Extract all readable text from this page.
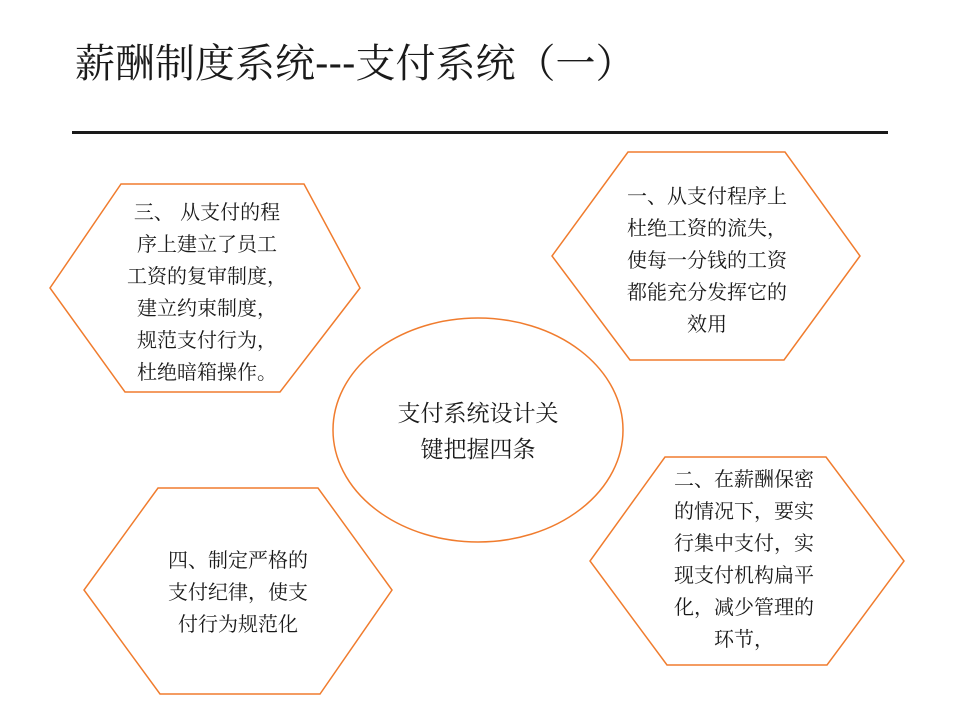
薪酬制度系统---支付系统（一）
三、 从支付的程
序上建立了员工
工资的复审制度，
建立约束制度，
规范支付行为，
杜绝暗箱操作。
一、从支付程序上
杜绝工资的流失，
使每一分钱的工资
都能充分发挥它的
效用
支付系统设计关
键把握四条
四、制定严格的
支付纪律，使支
付行为规范化
二、在薪酬保密
的情况下，要实
行集中支付，实
现支付机构扁平
化，减少管理的
环节，
